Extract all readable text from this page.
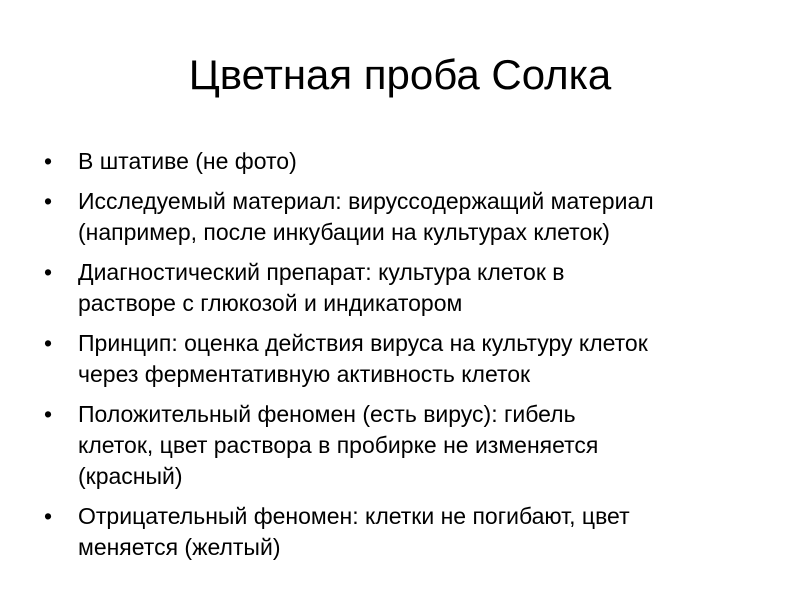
Цветная проба Солка
•	В штативе (не фото)
•	Исследуемый материал: вируссодержащий материал
(например, после инкубации на культурах клеток)
•	Диагностический препарат: культура клеток в
растворе с глюкозой и индикатором
•	Принцип: оценка действия вируса на культуру клеток
через ферментативную активность клеток
•	Положительный феномен (есть вирус): гибель
клеток, цвет раствора в пробирке не изменяется
(красный)
•	Отрицательный феномен: клетки не погибают, цвет
меняется (желтый)
